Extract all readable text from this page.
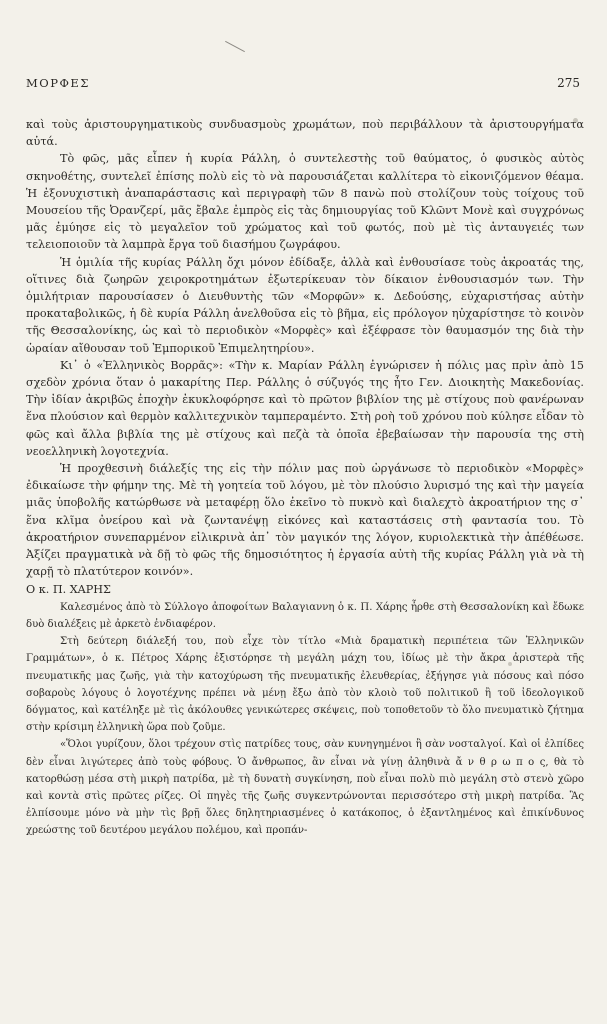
ΜΟΡΦΕΣ	275

καὶ τοὺς ἀριστουργηματικοὺς συνδυασμοὺς χρωμάτων, ποὺ περιβάλλουν τὰ ἀριστουργήματα αὐτά.

Τὸ φῶς, μᾶς εἶπεν ἡ κυρία Ράλλη, ὁ συντελεστὴς τοῦ θαύματος, ὁ φυσικὸς αὐτὸς σκηνοθέτης, συντελεῖ ἐπίσης πολὺ εἰς τὸ νὰ παρουσιάζεται καλλίτερα τὸ εἰκονιζόμενον θέαμα. Ἡ ἐξονυχιστικὴ ἀναπαράστασις καὶ περιγραφὴ τῶν 8 πανὼ ποὺ στολίζουν τοὺς τοίχους τοῦ Μουσείου τῆς Ὀρανζερί, μᾶς ἔβαλε ἐμπρὸς εἰς τὰς δημιουργίας τοῦ Κλῶντ Μονὲ καὶ συγχρόνως μᾶς ἐμύησε εἰς τὸ μεγαλεῖον τοῦ χρώματος καὶ τοῦ φωτός, ποὺ μὲ τὶς ἀνταυγειές των τελειοποιοῦν τὰ λαμπρὰ ἔργα τοῦ διασήμου ζωγράφου.

Ἡ ὁμιλία τῆς κυρίας Ράλλη ὄχι μόνον ἐδίδαξε, ἀλλὰ καὶ ἐνθουσίασε τοὺς ἀκροατάς της, οἵτινες διὰ ζωηρῶν χειροκροτημάτων ἐξωτερίκευαν τὸν δίκαιον ἐνθουσιασμόν των. Τὴν ὁμιλήτριαν παρουσίασεν ὁ Διευθυντὴς τῶν «Μορφῶν» κ. Δεδούσης, εὐχαριστήσας αὐτὴν προκαταβολικῶς, ἡ δὲ κυρία Ράλλη ἀνελθοῦσα εἰς τὸ βῆμα, εἰς πρόλογον ηὐχαρίστησε τὸ κοινὸν τῆς Θεσσαλονίκης, ὡς καὶ τὸ περιοδικὸν «Μορφὲς» καὶ ἐξέφρασε τὸν θαυμασμόν της διὰ τὴν ὡραίαν αἴθουσαν τοῦ Ἐμπορικοῦ Ἐπιμελητηρίου».

Κι᾿ ὁ «Ἑλληνικὸς Βορρᾶς»: «Τὴν κ. Μαρίαν Ράλλη ἐγνώρισεν ἡ πόλις μας πρὶν ἀπὸ 15 σχεδὸν χρόνια ὅταν ὁ μακαρίτης Περ. Ράλλης ὁ σύζυγός της ἦτο Γεν. Διοικητὴς Μακεδονίας. Τὴν ἰδίαν ἀκριβῶς ἐποχὴν ἐκυκλοφόρησε καὶ τὸ πρῶτον βιβλίον της μὲ στίχους ποὺ φανέρωναν ἕνα πλούσιον καὶ θερμὸν καλλιτεχνικὸν ταμπεραμέντο. Στὴ ροὴ τοῦ χρόνου ποὺ κύλησε εἶδαν τὸ φῶς καὶ ἄλλα βιβλία της μὲ στίχους καὶ πεζὰ τὰ ὁποῖα ἐβεβαίωσαν τὴν παρουσία της στὴ νεοελληνικὴ λογοτεχνία.

Ἡ προχθεσινὴ διάλεξίς της εἰς τὴν πόλιν μας ποὺ ὠργάνωσε τὸ περιοδικὸν «Μορφὲς» ἐδικαίωσε τὴν φήμην της. Μὲ τὴ γοητεία τοῦ λόγου, μὲ τὸν πλούσιο λυρισμό της καὶ τὴν μαγεία μιᾶς ὑποβολῆς κατώρθωσε νὰ μεταφέρῃ ὅλο ἐκεῖνο τὸ πυκνὸ καὶ διαλεχτὸ ἀκροατήριον της σ᾿ ἕνα κλῖμα ὀνείρου καὶ νὰ ζωντανέψῃ εἰκόνες καὶ καταστάσεις στὴ φαντασία του. Τὸ ἀκροατήριον συνεπαρμένον εἰλικρινὰ ἀπ᾿ τὸν μαγικόν της λόγον, κυριολεκτικὰ τὴν ἀπέθέωσε. Ἀξίζει πραγματικὰ νὰ δῇ τὸ φῶς τῆς δημοσιότητος ἡ ἐργασία αὐτὴ τῆς κυρίας Ράλλη γιὰ νὰ τὴ χαρῇ τὸ πλατύτερον κοινόν».

Ο κ. Π. ΧΑΡΗΣ

Καλεσμένος ἀπὸ τὸ Σύλλογο ἀποφοίτων Βαλαγιαννη ὁ κ. Π. Χάρης ἦρθε στὴ Θεσσαλονίκη καὶ ἔδωκε δυὸ διαλέξεις μὲ ἀρκετὸ ἐνδιαφέρον.

Στὴ δεύτερη διάλεξή του, ποὺ εἶχε τὸν τίτλο «Μιὰ δραματικὴ περιπέτεια τῶν Ἑλληνικῶν Γραμμάτων», ὁ κ. Πέτρος Χάρης ἐξιστόρησε τὴ μεγάλη μάχη του, ἰδίως μὲ τὴν ἄκρα ἀριστερὰ τῆς πνευματικῆς μας ζωῆς, γιὰ τὴν κατοχύρωση τῆς πνευματικῆς ἐλευθερίας, ἐξήγησε γιὰ πόσους καὶ πόσο σοβαροὺς λόγους ὁ λογοτέχνης πρέπει νὰ μένῃ ἔξω ἀπὸ τὸν κλοιὸ τοῦ πολιτικοῦ ἢ τοῦ ἰδεολογικοῦ δόγματος, καὶ κατέληξε μὲ τὶς ἀκόλουθες γενικώτερες σκέψεις, ποὺ τοποθετοῦν τὸ ὅλο πνευματικὸ ζήτημα στὴν κρίσιμη ἑλληνικὴ ὥρα ποὺ ζοῦμε.

«Ὅλοι γυρίζουν, ὅλοι τρέχουν στὶς πατρίδες τους, σὰν κυνηγημένοι ἢ σὰν νοσταλγοί. Καὶ οἱ ἐλπίδες δὲν εἶναι λιγώτερες ἀπὸ τοὺς φόβους. Ὁ ἄνθρωπος, ἂν εἶναι νὰ γίνῃ ἀληθινὰ ἄ ν θ ρ ω π ο ς, θὰ τὸ κατορθώσῃ μέσα στὴ μικρὴ πατρίδα, μὲ τὴ δυνατὴ συγκίνηση, ποὺ εἶναι πολὺ πιὸ μεγάλη στὸ στενὸ χῶρο καὶ κοντὰ στὶς πρῶτες ρίζες. Οἱ πηγὲς τῆς ζωῆς συγκεντρώνονται περισσότερο στὴ μικρὴ πατρίδα. Ἂς ἐλπίσουμε μόνο νὰ μὴν τὶς βρῇ ὅλες δηλητηριασμένες ὁ κατάκοπος, ὁ ἐξαντλημένος καὶ ἐπικίνδυνος χρεώστης τοῦ δευτέρου μεγάλου πολέμου, καὶ προπάν-
